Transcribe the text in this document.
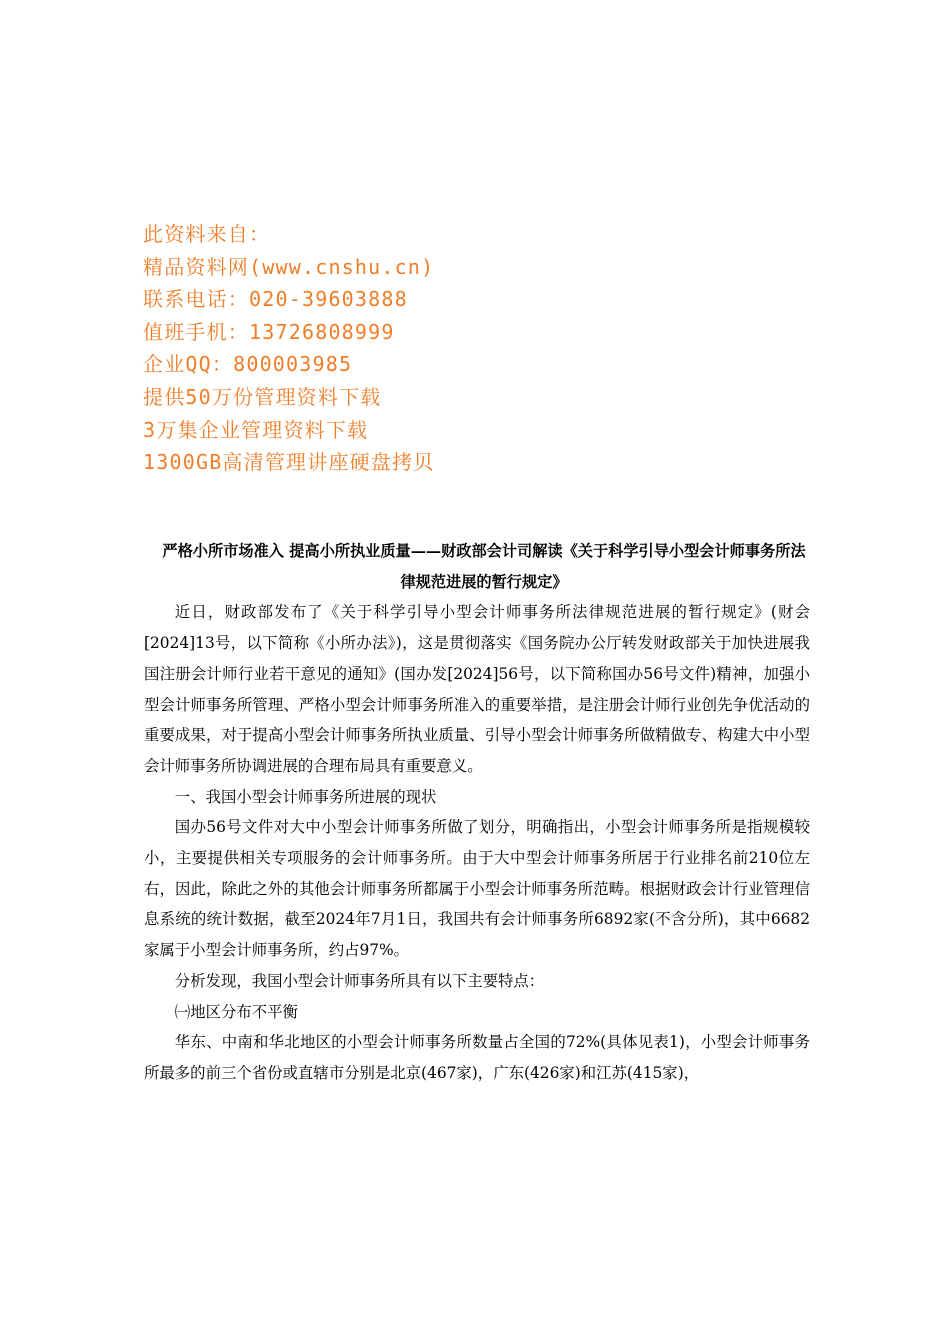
此资料来自：
精品资料网(www.cnshu.cn)
联系电话：020-39603888
值班手机：13726808999
企业QQ：800003985
提供50万份管理资料下载
3万集企业管理资料下载
1300GB高清管理讲座硬盘拷贝

严格小所市场准入 提高小所执业质量——财政部会计司解读《关于科学引导小型会计师事务所法律规范进展的暂行规定》

近日，财政部发布了《关于科学引导小型会计师事务所法律规范进展的暂行规定》(财会[2024]13号，以下简称《小所办法》)，这是贯彻落实《国务院办公厅转发财政部关于加快进展我国注册会计师行业若干意见的通知》(国办发[2024]56号，以下简称国办56号文件)精神，加强小型会计师事务所管理、严格小型会计师事务所准入的重要举措，是注册会计师行业创先争优活动的重要成果，对于提高小型会计师事务所执业质量、引导小型会计师事务所做精做专、构建大中小型会计师事务所协调进展的合理布局具有重要意义。

一、我国小型会计师事务所进展的现状

国办56号文件对大中小型会计师事务所做了划分，明确指出，小型会计师事务所是指规模较小，主要提供相关专项服务的会计师事务所。由于大中型会计师事务所居于行业排名前210位左右，因此，除此之外的其他会计师事务所都属于小型会计师事务所范畴。根据财政会计行业管理信息系统的统计数据，截至2024年7月1日，我国共有会计师事务所6892家(不含分所)，其中6682家属于小型会计师事务所，约占97%。

分析发现，我国小型会计师事务所具有以下主要特点：

㈠地区分布不平衡

华东、中南和华北地区的小型会计师事务所数量占全国的72%(具体见表1)，小型会计师事务所最多的前三个省份或直辖市分别是北京(467家)，广东(426家)和江苏(415家)，
